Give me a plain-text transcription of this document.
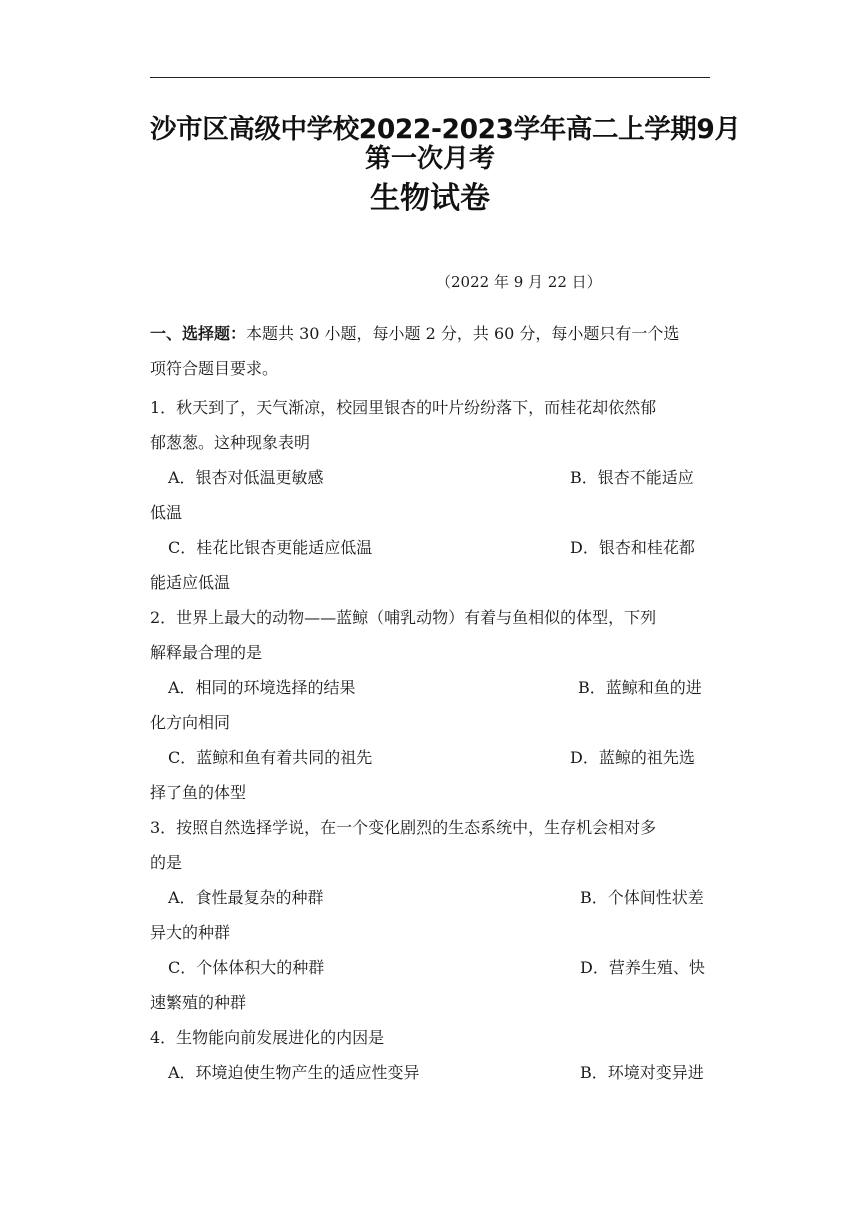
沙市区高级中学校2022-2023学年高二上学期9月
第一次月考
生物试卷
（2022 年 9 月 22 日）

一、选择题：本题共 30 小题，每小题 2 分，共 60 分，每小题只有一个选

项符合题目要求。

1．秋天到了，天气渐凉，校园里银杏的叶片纷纷落下，而桂花却依然郁

郁葱葱。这种现象表明

A．银杏对低温更敏感	B．银杏不能适应

低温

C．桂花比银杏更能适应低温	D．银杏和桂花都

能适应低温

2．世界上最大的动物——蓝鲸（哺乳动物）有着与鱼相似的体型，下列

解释最合理的是

A．相同的环境选择的结果	B．蓝鲸和鱼的进

化方向相同

C．蓝鲸和鱼有着共同的祖先	D．蓝鲸的祖先选

择了鱼的体型

3．按照自然选择学说，在一个变化剧烈的生态系统中，生存机会相对多

的是

A．食性最复杂的种群	B．个体间性状差

异大的种群

C．个体体积大的种群	D．营养生殖、快

速繁殖的种群

4．生物能向前发展进化的内因是

A．环境迫使生物产生的适应性变异	B．环境对变异进
